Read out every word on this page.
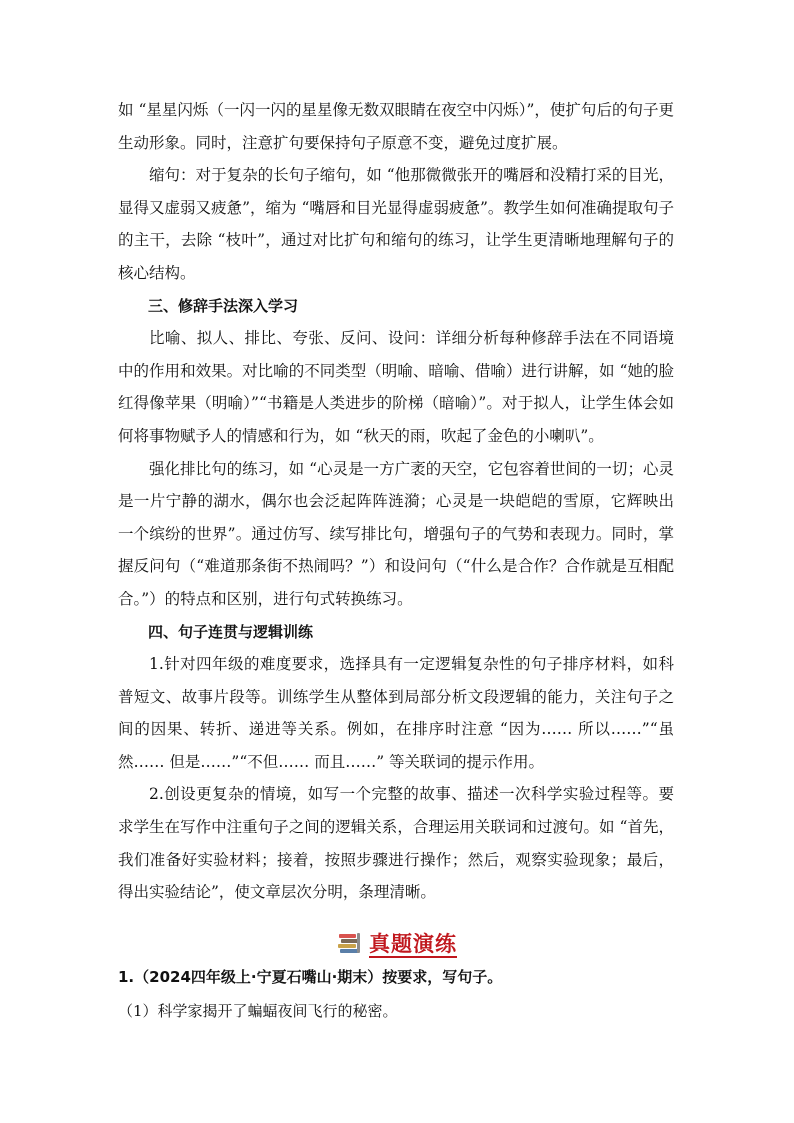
如 “星星闪烁（一闪一闪的星星像无数双眼睛在夜空中闪烁）”，使扩句后的句子更生动形象。同时，注意扩句要保持句子原意不变，避免过度扩展。

缩句：对于复杂的长句子缩句，如 “他那微微张开的嘴唇和没精打采的目光，显得又虚弱又疲惫”，缩为 “嘴唇和目光显得虚弱疲惫”。教学生如何准确提取句子的主干，去除 “枝叶”，通过对比扩句和缩句的练习，让学生更清晰地理解句子的核心结构。

三、修辞手法深入学习

比喻、拟人、排比、夸张、反问、设问：详细分析每种修辞手法在不同语境中的作用和效果。对比喻的不同类型（明喻、暗喻、借喻）进行讲解，如 “她的脸红得像苹果（明喻）”“书籍是人类进步的阶梯（暗喻）”。对于拟人，让学生体会如何将事物赋予人的情感和行为，如 “秋天的雨，吹起了金色的小喇叭”。

强化排比句的练习，如 “心灵是一方广袤的天空，它包容着世间的一切；心灵是一片宁静的湖水，偶尔也会泛起阵阵涟漪；心灵是一块皑皑的雪原，它辉映出一个缤纷的世界”。通过仿写、续写排比句，增强句子的气势和表现力。同时，掌握反问句（“难道那条街不热闹吗？”）和设问句（“什么是合作？合作就是互相配合。”）的特点和区别，进行句式转换练习。

四、句子连贯与逻辑训练

1.针对四年级的难度要求，选择具有一定逻辑复杂性的句子排序材料，如科普短文、故事片段等。训练学生从整体到局部分析文段逻辑的能力，关注句子之间的因果、转折、递进等关系。例如，在排序时注意 “因为…… 所以……”“虽然…… 但是……”“不但…… 而且……” 等关联词的提示作用。

2.创设更复杂的情境，如写一个完整的故事、描述一次科学实验过程等。要求学生在写作中注重句子之间的逻辑关系，合理运用关联词和过渡句。如 “首先，我们准备好实验材料；接着，按照步骤进行操作；然后，观察实验现象；最后，得出实验结论”，使文章层次分明，条理清晰。

真题演练
1.（2024四年级上·宁夏石嘴山·期末）按要求，写句子。
（1）科学家揭开了蝙蝠夜间飞行的秘密。
